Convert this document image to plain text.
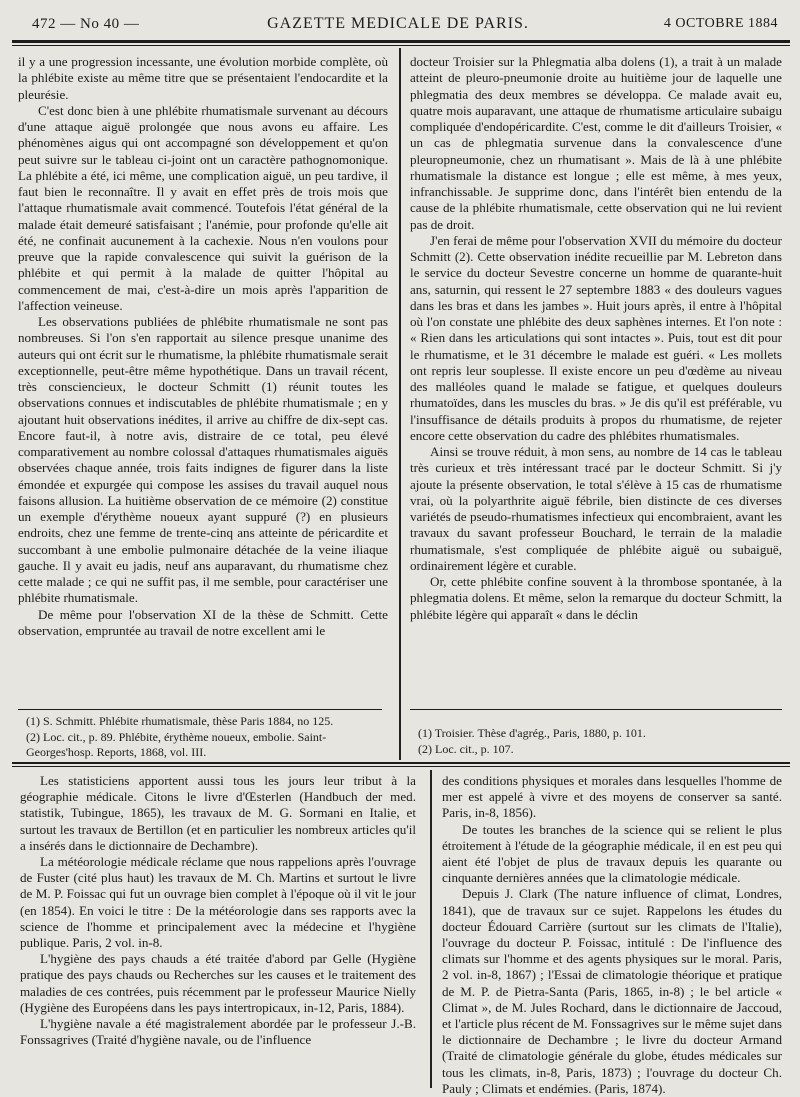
472 — No 40 —	GAZETTE MEDICALE DE PARIS.	4 OCTOBRE 1884

il y a une progression incessante, une évolution morbide complète, où la phlébite existe au même titre que se présentaient l'endocardite et la pleurésie.

C'est donc bien à une phlébite rhumatismale survenant au décours d'une attaque aiguë prolongée que nous avons eu affaire. Les phénomènes aigus qui ont accompagné son développement et qu'on peut suivre sur le tableau ci-joint ont un caractère pathognomonique. La phlébite a été, ici même, une complication aiguë, un peu tardive, il faut bien le reconnaître. Il y avait en effet près de trois mois que l'attaque rhumatismale avait commencé. Toutefois l'état général de la malade était demeuré satisfaisant ; l'anémie, pour profonde qu'elle ait été, ne confinait aucunement à la cachexie. Nous n'en voulons pour preuve que la rapide convalescence qui suivit la guérison de la phlébite et qui permit à la malade de quitter l'hôpital au commencement de mai, c'est-à-dire un mois après l'apparition de l'affection veineuse.

Les observations publiées de phlébite rhumatismale ne sont pas nombreuses. Si l'on s'en rapportait au silence presque unanime des auteurs qui ont écrit sur le rhumatisme, la phlébite rhumatismale serait exceptionnelle, peut-être même hypothétique. Dans un travail récent, très consciencieux, le docteur Schmitt (1) réunit toutes les observations connues et indiscutables de phlébite rhumatismale ; en y ajoutant huit observations inédites, il arrive au chiffre de dix-sept cas. Encore faut-il, à notre avis, distraire de ce total, peu élevé comparativement au nombre colossal d'attaques rhumatismales aiguës observées chaque année, trois faits indignes de figurer dans la liste émondée et expurgée qui compose les assises du travail auquel nous faisons allusion. La huitième observation de ce mémoire (2) constitue un exemple d'érythème noueux ayant suppuré (?) en plusieurs endroits, chez une femme de trente-cinq ans atteinte de péricardite et succombant à une embolie pulmonaire détachée de la veine iliaque gauche. Il y avait eu jadis, neuf ans auparavant, du rhumatisme chez cette malade ; ce qui ne suffit pas, il me semble, pour caractériser une phlébite rhumatismale.

De même pour l'observation XI de la thèse de Schmitt. Cette observation, empruntée au travail de notre excellent ami le

docteur Troisier sur la Phlegmatia alba dolens (1), a trait à un malade atteint de pleuro-pneumonie droite au huitième jour de laquelle une phlegmatia des deux membres se développa. Ce malade avait eu, quatre mois auparavant, une attaque de rhumatisme articulaire subaigu compliquée d'endopéricardite. C'est, comme le dit d'ailleurs Troisier, « un cas de phlegmatia survenue dans la convalescence d'une pleuropneumonie, chez un rhumatisant ». Mais de là à une phlébite rhumatismale la distance est longue ; elle est même, à mes yeux, infranchissable. Je supprime donc, dans l'intérêt bien entendu de la cause de la phlébite rhumatismale, cette observation qui ne lui revient pas de droit.

J'en ferai de même pour l'observation XVII du mémoire du docteur Schmitt (2). Cette observation inédite recueillie par M. Lebreton dans le service du docteur Sevestre concerne un homme de quarante-huit ans, saturnin, qui ressent le 27 septembre 1883 « des douleurs vagues dans les bras et dans les jambes ». Huit jours après, il entre à l'hôpital où l'on constate une phlébite des deux saphènes internes. Et l'on note : « Rien dans les articulations qui sont intactes ». Puis, tout est dit pour le rhumatisme, et le 31 décembre le malade est guéri. « Les mollets ont repris leur souplesse. Il existe encore un peu d'œdème au niveau des malléoles quand le malade se fatigue, et quelques douleurs rhumatoïdes, dans les muscles du bras. » Je dis qu'il est préférable, vu l'insuffisance de détails produits à propos du rhumatisme, de rejeter encore cette observation du cadre des phlébites rhumatismales.

Ainsi se trouve réduit, à mon sens, au nombre de 14 cas le tableau très curieux et très intéressant tracé par le docteur Schmitt. Si j'y ajoute la présente observation, le total s'élève à 15 cas de rhumatisme vrai, où la polyarthrite aiguë fébrile, bien distincte de ces diverses variétés de pseudo-rhumatismes infectieux qui encombraient, avant les travaux du savant professeur Bouchard, le terrain de la maladie rhumatismale, s'est compliquée de phlébite aiguë ou subaiguë, ordinairement légère et curable.

Or, cette phlébite confine souvent à la thrombose spontanée, à la phlegmatia dolens. Et même, selon la remarque du docteur Schmitt, la phlébite légère qui apparaît « dans le déclin

(1) S. Schmitt. Phlébite rhumatismale, thèse Paris 1884, no 125.
(2) Loc. cit., p. 89. Phlébite, érythème noueux, embolie. Saint-Georges'hosp. Reports, 1868, vol. III.
(1) Troisier. Thèse d'agrég., Paris, 1880, p. 101.
(2) Loc. cit., p. 107.

Les statisticiens apportent aussi tous les jours leur tribut à la géographie médicale. Citons le livre d'Œsterlen (Handbuch der med. statistik, Tubingue, 1865), les travaux de M. G. Sormani en Italie, et surtout les travaux de Bertillon (et en particulier les nombreux articles qu'il a insérés dans le dictionnaire de Dechambre).

La météorologie médicale réclame que nous rappelions après l'ouvrage de Fuster (cité plus haut) les travaux de M. Ch. Martins et surtout le livre de M. P. Foissac qui fut un ouvrage bien complet à l'époque où il vit le jour (en 1854). En voici le titre : De la météorologie dans ses rapports avec la science de l'homme et principalement avec la médecine et l'hygiène publique. Paris, 2 vol. in-8.

L'hygiène des pays chauds a été traitée d'abord par Gelle (Hygiène pratique des pays chauds ou Recherches sur les causes et le traitement des maladies de ces contrées, puis récemment par le professeur Maurice Nielly (Hygiène des Européens dans les pays intertropicaux, in-12, Paris, 1884).

L'hygiène navale a été magistralement abordée par le professeur J.-B. Fonssagrives (Traité d'hygiène navale, ou de l'influence

des conditions physiques et morales dans lesquelles l'homme de mer est appelé à vivre et des moyens de conserver sa santé. Paris, in-8, 1856).

De toutes les branches de la science qui se relient le plus étroitement à l'étude de la géographie médicale, il en est peu qui aient été l'objet de plus de travaux depuis les quarante ou cinquante dernières années que la climatologie médicale.

Depuis J. Clark (The nature influence of climat, Londres, 1841), que de travaux sur ce sujet. Rappelons les études du docteur Édouard Carrière (surtout sur les climats de l'Italie), l'ouvrage du docteur P. Foissac, intitulé : De l'influence des climats sur l'homme et des agents physiques sur le moral. Paris, 2 vol. in-8, 1867) ; l'Essai de climatologie théorique et pratique de M. P. de Pietra-Santa (Paris, 1865, in-8) ; le bel article « Climat », de M. Jules Rochard, dans le dictionnaire de Jaccoud, et l'article plus récent de M. Fonssagrives sur le même sujet dans le dictionnaire de Dechambre ; le livre du docteur Armand (Traité de climatologie générale du globe, études médicales sur tous les climats, in-8, Paris, 1873) ; l'ouvrage du docteur Ch. Pauly ; Climats et endémies. (Paris, 1874).
